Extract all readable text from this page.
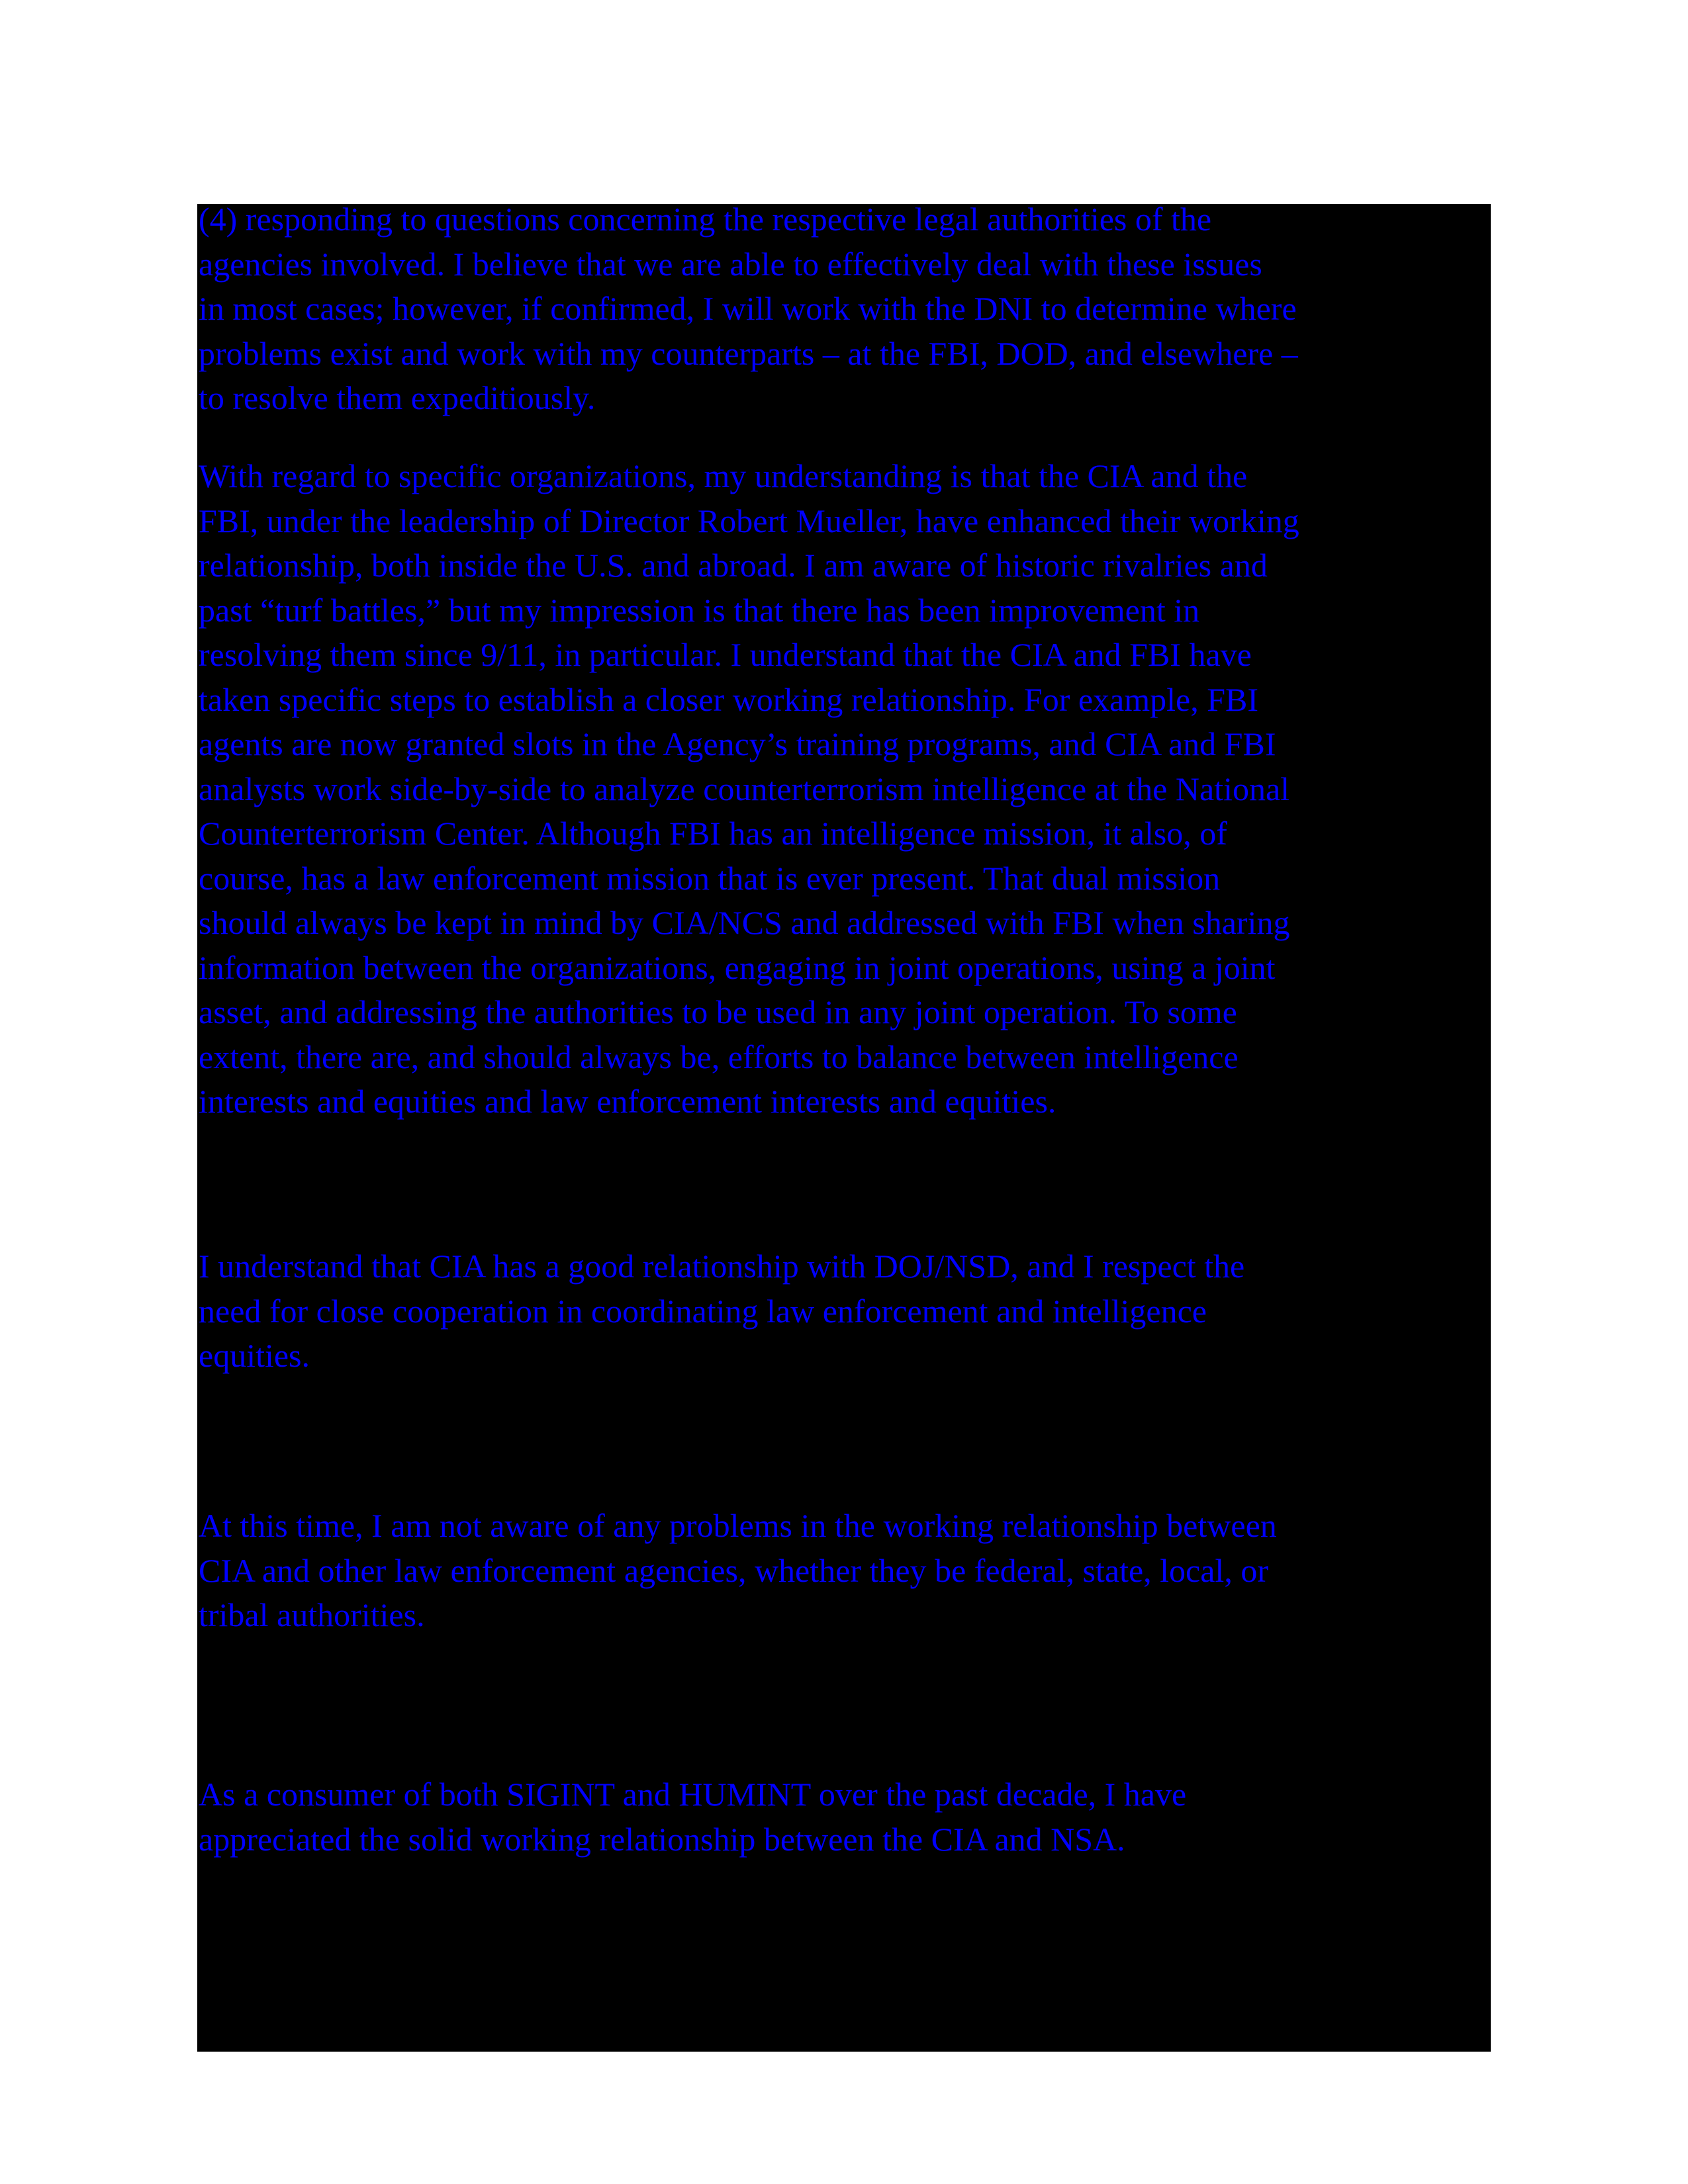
(4) responding to questions concerning the respective legal authorities of the
agencies involved. I believe that we are able to effectively deal with these issues
in most cases; however, if confirmed, I will work with the DNI to determine where
problems exist and work with my counterparts – at the FBI, DOD, and elsewhere –
to resolve them expeditiously.

With regard to specific organizations, my understanding is that the CIA and the
FBI, under the leadership of Director Robert Mueller, have enhanced their working
relationship, both inside the U.S. and abroad. I am aware of historic rivalries and
past “turf battles,” but my impression is that there has been improvement in
resolving them since 9/11, in particular. I understand that the CIA and FBI have
taken specific steps to establish a closer working relationship. For example, FBI
agents are now granted slots in the Agency’s training programs, and CIA and FBI
analysts work side-by-side to analyze counterterrorism intelligence at the National
Counterterrorism Center. Although FBI has an intelligence mission, it also, of
course, has a law enforcement mission that is ever present. That dual mission
should always be kept in mind by CIA/NCS and addressed with FBI when sharing
information between the organizations, engaging in joint operations, using a joint
asset, and addressing the authorities to be used in any joint operation. To some
extent, there are, and should always be, efforts to balance between intelligence
interests and equities and law enforcement interests and equities.

I understand that CIA has a good relationship with DOJ/NSD, and I respect the
need for close cooperation in coordinating law enforcement and intelligence
equities.

At this time, I am not aware of any problems in the working relationship between
CIA and other law enforcement agencies, whether they be federal, state, local, or
tribal authorities.

As a consumer of both SIGINT and HUMINT over the past decade, I have
appreciated the solid working relationship between the CIA and NSA.
